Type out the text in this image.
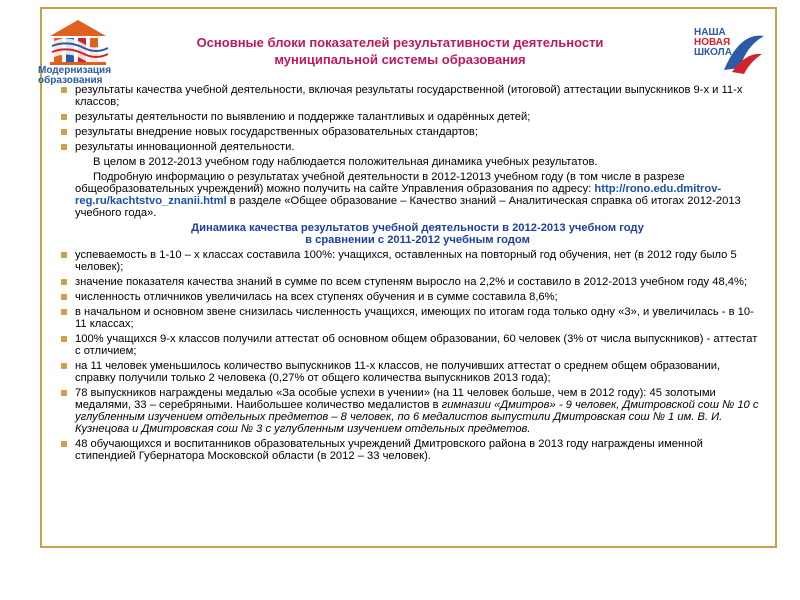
Модернизация образования
НАША
НОВАЯ
ШКОЛА
Основные блоки показателей результативности деятельности
муниципальной системы образования
результаты качества учебной деятельности, включая результаты государственной (итоговой) аттестации выпускников 9-х и 11-х классов;
результаты деятельности по выявлению и поддержке талантливых и одарённых детей;
результаты внедрение новых государственных образовательных стандартов;
результаты инновационной деятельности.
В целом в 2012-2013 учебном году наблюдается положительная динамика учебных результатов.
Подробную информацию о результатах учебной деятельности в 2012-12013 учебном году (в том числе в разрезе общеобразовательных учреждений) можно получить на сайте Управления образования по адресу: http://rono.edu.dmitrov-reg.ru/kachtstvo_znanii.html в разделе «Общее образование – Качество знаний – Аналитическая справка об итогах 2012-2013 учебного года».
Динамика качества результатов учебной деятельности в 2012-2013 учебном году
в сравнении с 2011-2012 учебным годом
успеваемость в 1-10 – х классах составила 100%: учащихся, оставленных на повторный год обучения, нет (в 2012 году было 5 человек);
значение показателя качества знаний в сумме по всем ступеням выросло на 2,2% и составило в 2012-2013 учебном году 48,4%;
численность отличников увеличилась на всех ступенях обучения и в сумме составила 8,6%;
в начальном и основном звене снизилась численность учащихся, имеющих по итогам года только одну «3», и увеличилась - в 10-11 классах;
100% учащихся 9-х классов получили аттестат об основном общем образовании, 60 человек (3% от числа выпускников) - аттестат с отличием;
на 11 человек уменьшилось количество выпускников 11-х классов, не получивших аттестат о среднем общем образовании, справку получили только 2 человека (0,27% от общего количества выпускников 2013 года);
78 выпускников награждены медалью «За особые успехи в учении» (на 11 человек больше, чем в 2012 году): 45 золотыми медалями, 33 – серебряными. Наибольшее количество медалистов в гимназии «Дмитров» - 9 человек, Дмитровской сош № 10 с углубленным изучением отдельных предметов – 8 человек, по 6 медалистов выпустили Дмитровская сош № 1 им. В. И. Кузнецова и Дмитровская сош № 3 с углубленным изучением отдельных предметов.
48 обучающихся и воспитанников образовательных учреждений Дмитровского района в 2013 году награждены именной стипендией Губернатора Московской области (в 2012 – 33 человек).
